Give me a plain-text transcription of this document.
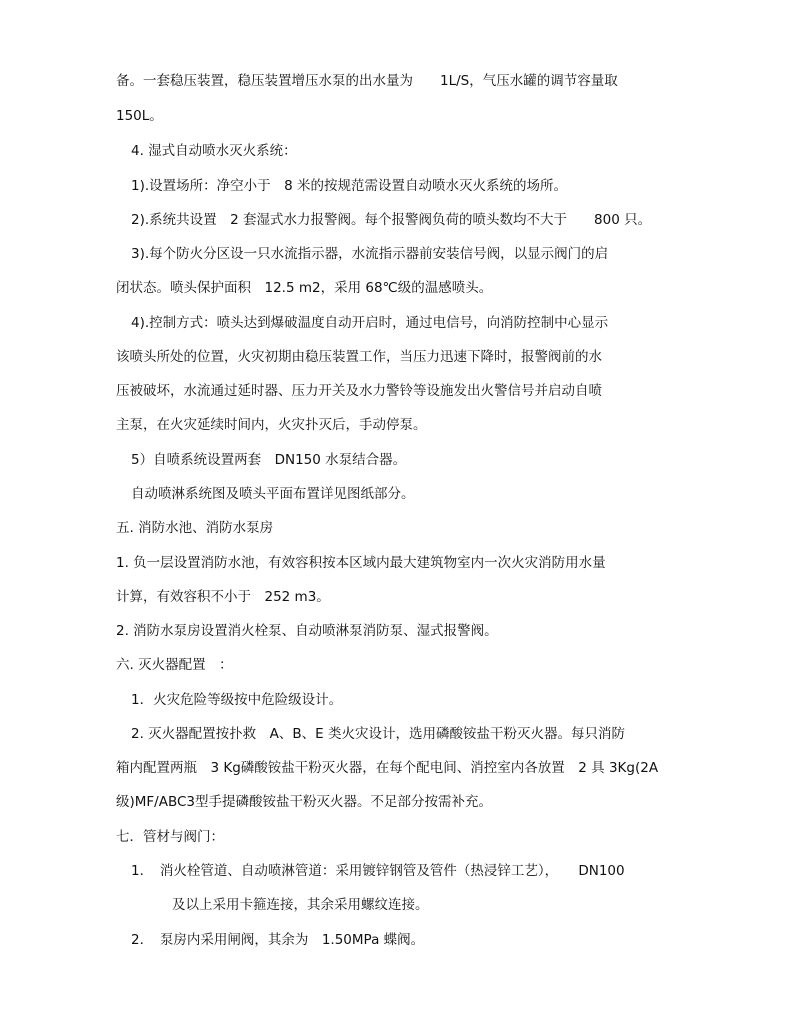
备。一套稳压装置，稳压装置增压水泵的出水量为　　1L/S，气压水罐的调节容量取
150L。
4. 湿式自动喷水灭火系统：
1).设置场所：净空小于　8 米的按规范需设置自动喷水灭火系统的场所。
2).系统共设置　2 套湿式水力报警阀。每个报警阀负荷的喷头数均不大于　　800 只。
3).每个防火分区设一只水流指示器，水流指示器前安装信号阀，以显示阀门的启
闭状态。喷头保护面积　12.5 m2，采用 68℃级的温感喷头。
4).控制方式：喷头达到爆破温度自动开启时，通过电信号，向消防控制中心显示
该喷头所处的位置，火灾初期由稳压装置工作，当压力迅速下降时，报警阀前的水
压被破坏，水流通过延时器、压力开关及水力警铃等设施发出火警信号并启动自喷
主泵，在火灾延续时间内，火灾扑灭后，手动停泵。
5）自喷系统设置两套　DN150 水泵结合器。
自动喷淋系统图及喷头平面布置详见图纸部分。
五. 消防水池、消防水泵房
1. 负一层设置消防水池，有效容积按本区域内最大建筑物室内一次火灾消防用水量
计算，有效容积不小于　252 m3。
2. 消防水泵房设置消火栓泵、自动喷淋泵消防泵、湿式报警阀。
六. 灭火器配置　：
1．火灾危险等级按中危险级设计。
2. 灭火器配置按扑救　A、B、E 类火灾设计，选用磷酸铵盐干粉灭火器。每只消防
箱内配置两瓶　3 Kg磷酸铵盐干粉灭火器，在每个配电间、消控室内各放置　2 具 3Kg(2A
级)MF/ABC3型手提磷酸铵盐干粉灭火器。不足部分按需补充。
七．管材与阀门：
1．　消火栓管道、自动喷淋管道：采用镀锌钢管及管件（热浸锌工艺），　　DN100
及以上采用卡箍连接，其余采用螺纹连接。
2．　泵房内采用闸阀，其余为　1.50MPa 蝶阀。
